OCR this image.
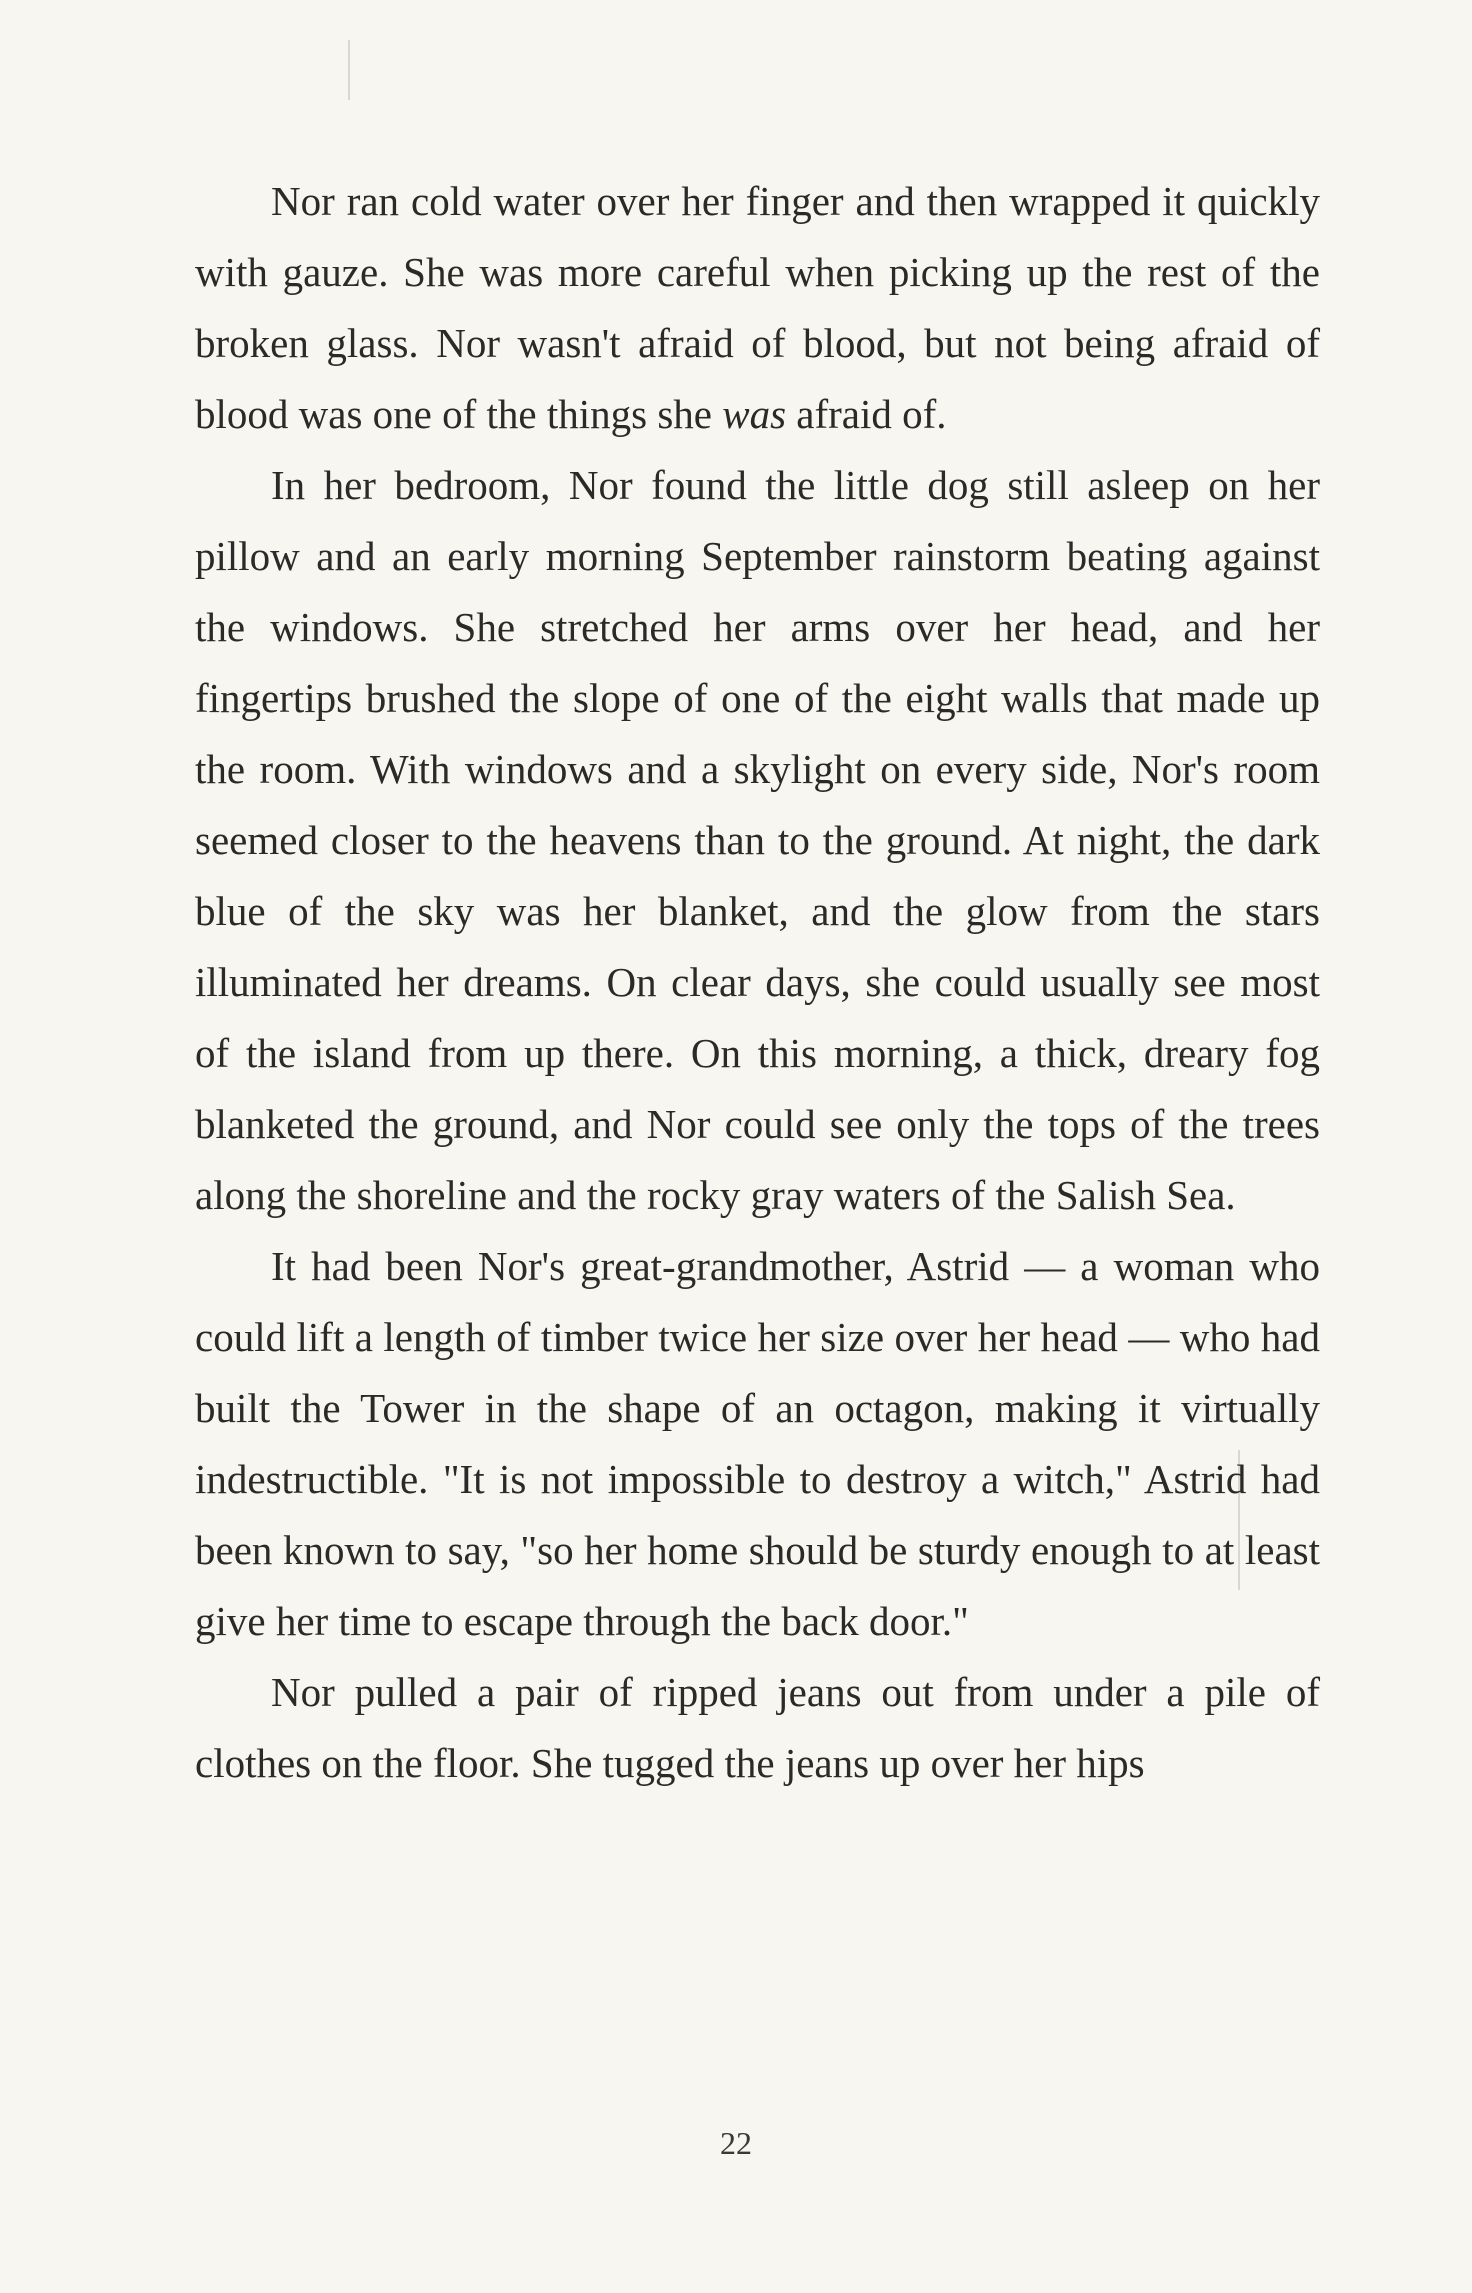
Nor ran cold water over her finger and then wrapped it quickly with gauze. She was more careful when picking up the rest of the broken glass. Nor wasn't afraid of blood, but not being afraid of blood was one of the things she was afraid of.

In her bedroom, Nor found the little dog still asleep on her pillow and an early morning September rainstorm beating against the windows. She stretched her arms over her head, and her fingertips brushed the slope of one of the eight walls that made up the room. With windows and a skylight on every side, Nor's room seemed closer to the heavens than to the ground. At night, the dark blue of the sky was her blanket, and the glow from the stars illuminated her dreams. On clear days, she could usually see most of the island from up there. On this morning, a thick, dreary fog blanketed the ground, and Nor could see only the tops of the trees along the shoreline and the rocky gray waters of the Salish Sea.

It had been Nor's great-grandmother, Astrid — a woman who could lift a length of timber twice her size over her head — who had built the Tower in the shape of an octagon, making it virtually indestructible. "It is not impossible to destroy a witch," Astrid had been known to say, "so her home should be sturdy enough to at least give her time to escape through the back door."

Nor pulled a pair of ripped jeans out from under a pile of clothes on the floor. She tugged the jeans up over her hips

22
